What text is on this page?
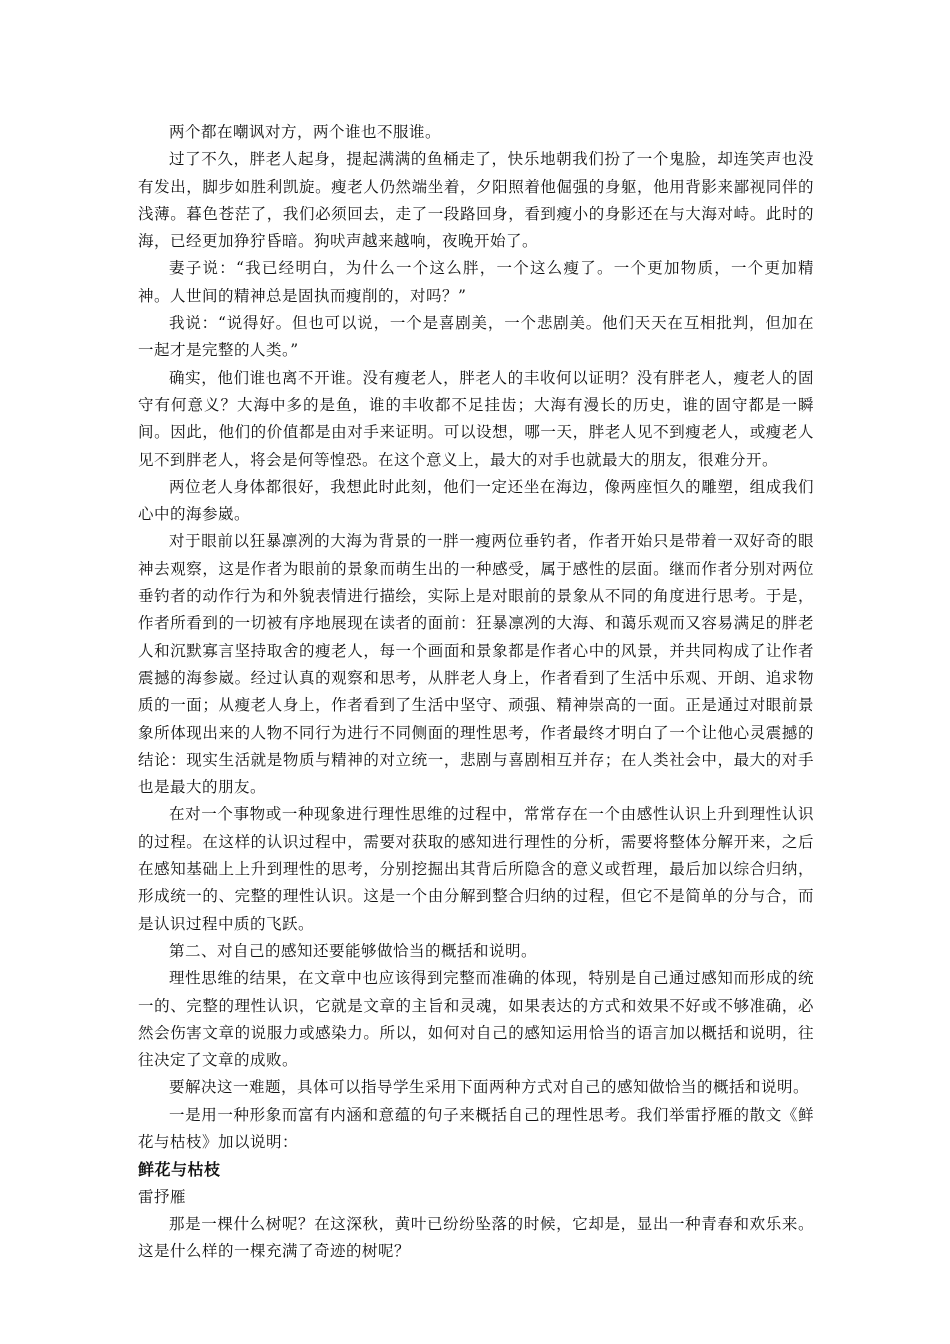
两个都在嘲讽对方，两个谁也不服谁。

过了不久，胖老人起身，提起满满的鱼桶走了，快乐地朝我们扮了一个鬼脸，却连笑声也没有发出，脚步如胜利凯旋。瘦老人仍然端坐着，夕阳照着他倔强的身躯，他用背影来鄙视同伴的浅薄。暮色苍茫了，我们必须回去，走了一段路回身，看到瘦小的身影还在与大海对峙。此时的海，已经更加狰狞昏暗。狗吠声越来越响，夜晚开始了。

妻子说：“我已经明白，为什么一个这么胖，一个这么瘦了。一个更加物质，一个更加精神。人世间的精神总是固执而瘦削的，对吗？”

我说：“说得好。但也可以说，一个是喜剧美，一个悲剧美。他们天天在互相批判，但加在一起才是完整的人类。”

确实，他们谁也离不开谁。没有瘦老人，胖老人的丰收何以证明？没有胖老人，瘦老人的固守有何意义？大海中多的是鱼，谁的丰收都不足挂齿；大海有漫长的历史，谁的固守都是一瞬间。因此，他们的价值都是由对手来证明。可以设想，哪一天，胖老人见不到瘦老人，或瘦老人见不到胖老人，将会是何等惶恐。在这个意义上，最大的对手也就最大的朋友，很难分开。

两位老人身体都很好，我想此时此刻，他们一定还坐在海边，像两座恒久的雕塑，组成我们心中的海参崴。

对于眼前以狂暴凛冽的大海为背景的一胖一瘦两位垂钓者，作者开始只是带着一双好奇的眼神去观察，这是作者为眼前的景象而萌生出的一种感受，属于感性的层面。继而作者分别对两位垂钓者的动作行为和外貌表情进行描绘，实际上是对眼前的景象从不同的角度进行思考。于是，作者所看到的一切被有序地展现在读者的面前：狂暴凛冽的大海、和蔼乐观而又容易满足的胖老人和沉默寡言坚持取舍的瘦老人，每一个画面和景象都是作者心中的风景，并共同构成了让作者震撼的海参崴。经过认真的观察和思考，从胖老人身上，作者看到了生活中乐观、开朗、追求物质的一面；从瘦老人身上，作者看到了生活中坚守、顽强、精神崇高的一面。正是通过对眼前景象所体现出来的人物不同行为进行不同侧面的理性思考，作者最终才明白了一个让他心灵震撼的结论：现实生活就是物质与精神的对立统一，悲剧与喜剧相互并存；在人类社会中，最大的对手也是最大的朋友。

在对一个事物或一种现象进行理性思维的过程中，常常存在一个由感性认识上升到理性认识的过程。在这样的认识过程中，需要对获取的感知进行理性的分析，需要将整体分解开来，之后在感知基础上上升到理性的思考，分别挖掘出其背后所隐含的意义或哲理，最后加以综合归纳，形成统一的、完整的理性认识。这是一个由分解到整合归纳的过程，但它不是简单的分与合，而是认识过程中质的飞跃。

第二、对自己的感知还要能够做恰当的概括和说明。

理性思维的结果，在文章中也应该得到完整而准确的体现，特别是自己通过感知而形成的统一的、完整的理性认识，它就是文章的主旨和灵魂，如果表达的方式和效果不好或不够准确，必然会伤害文章的说服力或感染力。所以，如何对自己的感知运用恰当的语言加以概括和说明，往往决定了文章的成败。

要解决这一难题，具体可以指导学生采用下面两种方式对自己的感知做恰当的概括和说明。

一是用一种形象而富有内涵和意蕴的句子来概括自己的理性思考。我们举雷抒雁的散文《鲜花与枯枝》加以说明：

鲜花与枯枝

雷抒雁

那是一棵什么树呢？在这深秋，黄叶已纷纷坠落的时候，它却是，显出一种青春和欢乐来。这是什么样的一棵充满了奇迹的树呢？
